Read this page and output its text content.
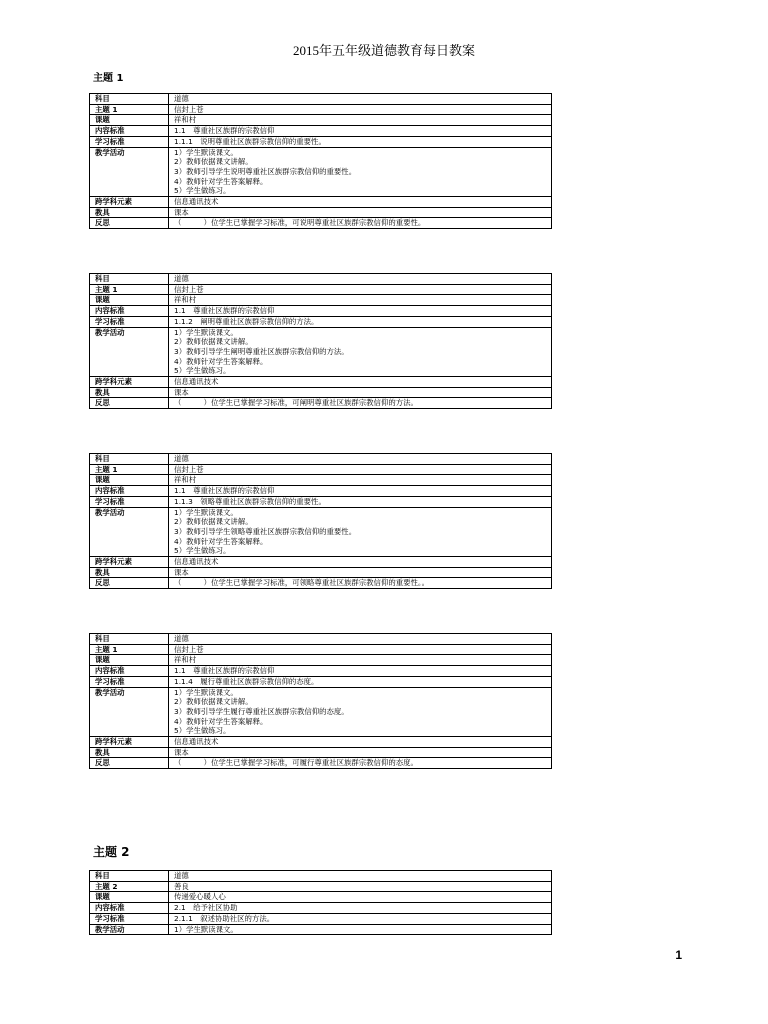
2015年五年级道德教育每日教案
主题 1
科目	道德
主题 1	信封上苍
课题	祥和村
内容标准	1.1　尊重社区族群的宗教信仰
学习标准	1.1.1　说明尊重社区族群宗教信仰的重要性。
教学活动	1）学生默读课文。
2）教师依据课文讲解。
3）教师引导学生说明尊重社区族群宗教信仰的重要性。
4）教师针对学生答案解释。
5）学生做练习。

跨学科元素	信息通讯技术
教具	课本
反思	（　　　）位学生已掌握学习标准，可说明尊重社区族群宗教信仰的重要性。
科目	道德
主题 1	信封上苍
课题	祥和村
内容标准	1.1　尊重社区族群的宗教信仰
学习标准	1.1.2　阐明尊重社区族群宗教信仰的方法。
教学活动	1）学生默读课文。
2）教师依据课文讲解。
3）教师引导学生阐明尊重社区族群宗教信仰的方法。
4）教师针对学生答案解释。
5）学生做练习。

跨学科元素	信息通讯技术
教具	课本
反思	（　　　）位学生已掌握学习标准，可阐明尊重社区族群宗教信仰的方法。
科目	道德
主题 1	信封上苍
课题	祥和村
内容标准	1.1　尊重社区族群的宗教信仰
学习标准	1.1.3　领略尊重社区族群宗教信仰的重要性。
教学活动	1）学生默读课文。
2）教师依据课文讲解。
3）教师引导学生领略尊重社区族群宗教信仰的重要性。
4）教师针对学生答案解释。
5）学生做练习。

跨学科元素	信息通讯技术
教具	课本
反思	（　　　）位学生已掌握学习标准，可领略尊重社区族群宗教信仰的重要性。。
科目	道德
主题 1	信封上苍
课题	祥和村
内容标准	1.1　尊重社区族群的宗教信仰
学习标准	1.1.4　履行尊重社区族群宗教信仰的态度。
教学活动	1）学生默读课文。
2）教师依据课文讲解。
3）教师引导学生履行尊重社区族群宗教信仰的态度。
4）教师针对学生答案解释。
5）学生做练习。

跨学科元素	信息通讯技术
教具	课本
反思	（　　　）位学生已掌握学习标准，可履行尊重社区族群宗教信仰的态度。
主题 2
科目	道德
主题 2	善良
课题	传递爱心暖人心
内容标准	2.1　给予社区协助
学习标准	2.1.1　叙述协助社区的方法。
教学活动	1）学生默读课文。
1
